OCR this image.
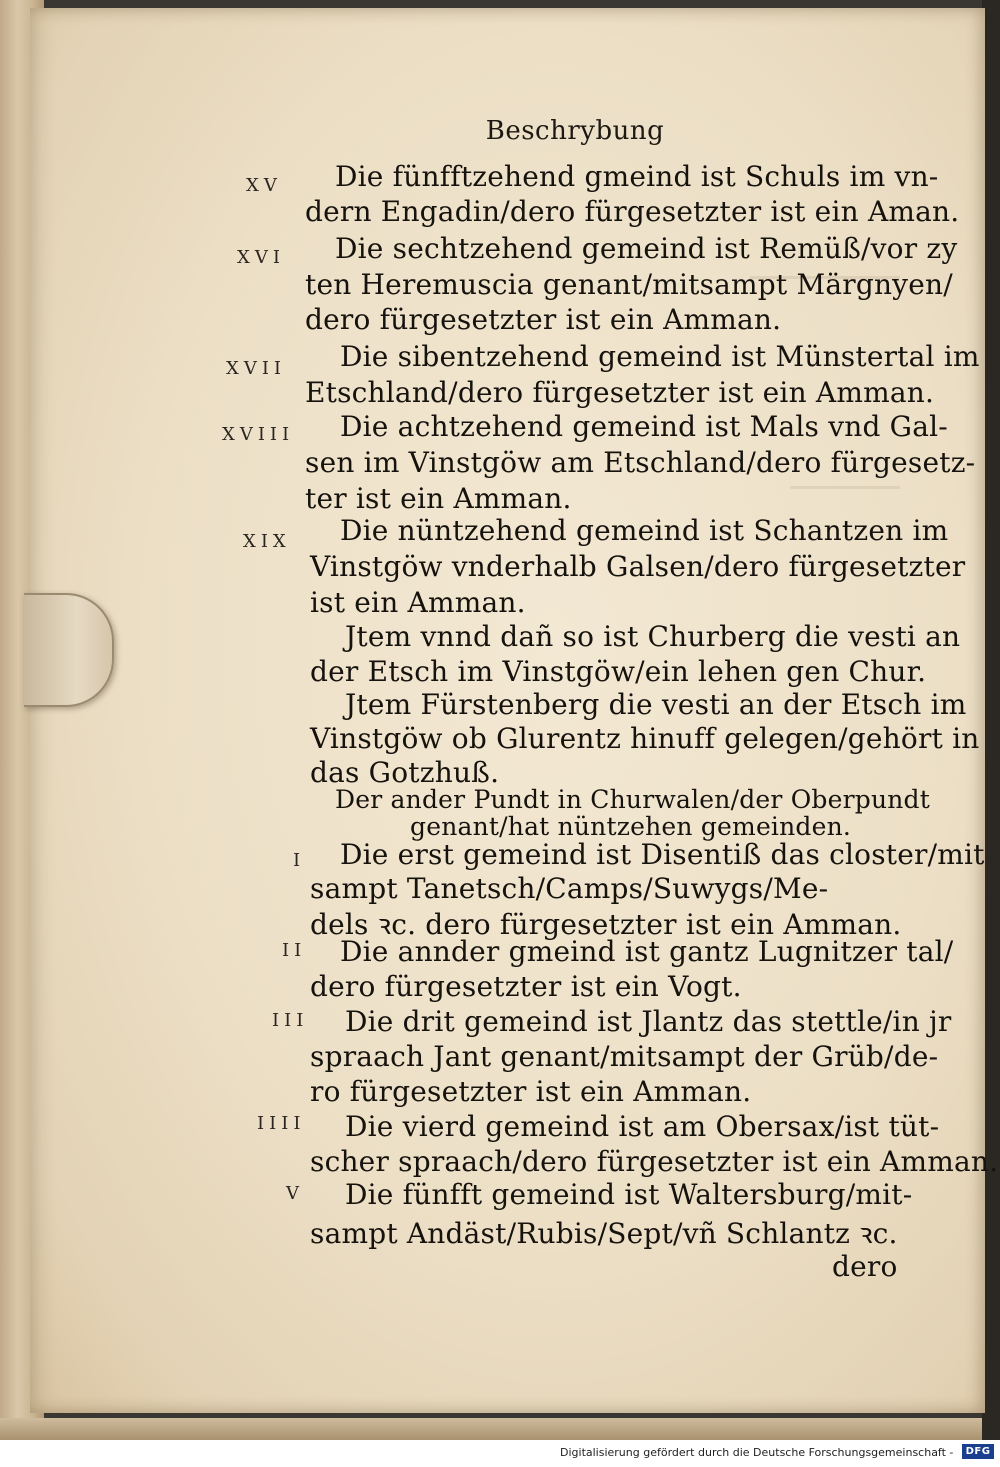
Beschrybung
XV Die fünfftzehend gmeind ist Schuls im vn-
dern Engadin/dero fürgesetzter ist ein Aman.
XVI Die sechtzehend gemeind ist Remüß/vor zy
ten Heremuscia genant/mitsampt Märgnyen/
dero fürgesetzter ist ein Amman.
XVII Die sibentzehend gemeind ist Münstertal im
Etschland/dero fürgesetzter ist ein Amman.
XVIII Die achtzehend gemeind ist Mals vnd Gal-
sen im Vinstgöw am Etschland/dero fürgesetz-
ter ist ein Amman.
XIX Die nüntzehend gemeind ist Schantzen im
Vinstgöw vnderhalb Galsen/dero fürgesetzter
ist ein Amman.
Jtem vnnd dañ so ist Churberg die vesti an
der Etsch im Vinstgöw/ein lehen gen Chur.
Jtem Fürstenberg die vesti an der Etsch im
Vinstgöw ob Glurentz hinuff gelegen/gehört in
das Gotzhuß.
Der ander Pundt in Churwalen/der Oberpundt
genant/hat nüntzehen gemeinden.
I Die erst gemeind ist Disentiß das closter/mit
sampt Tanetsch/Camps/Suwygs/Me-
dels ꝛc. dero fürgesetzter ist ein Amman.
II Die annder gmeind ist gantz Lugnitzer tal/
dero fürgesetzter ist ein Vogt.
III Die drit gemeind ist Jlantz das stettle/in jr
spraach Jant genant/mitsampt der Grüb/de-
ro fürgesetzter ist ein Amman.
IIII Die vierd gemeind ist am Obersax/ist tüt-
scher spraach/dero fürgesetzter ist ein Amman.
V Die fünfft gemeind ist Waltersburg/mit-
sampt Andäst/Rubis/Sept/vñ Schlantz ꝛc.
dero
Digitalisierung gefördert durch die Deutsche Forschungsgemeinschaft -	DFG
